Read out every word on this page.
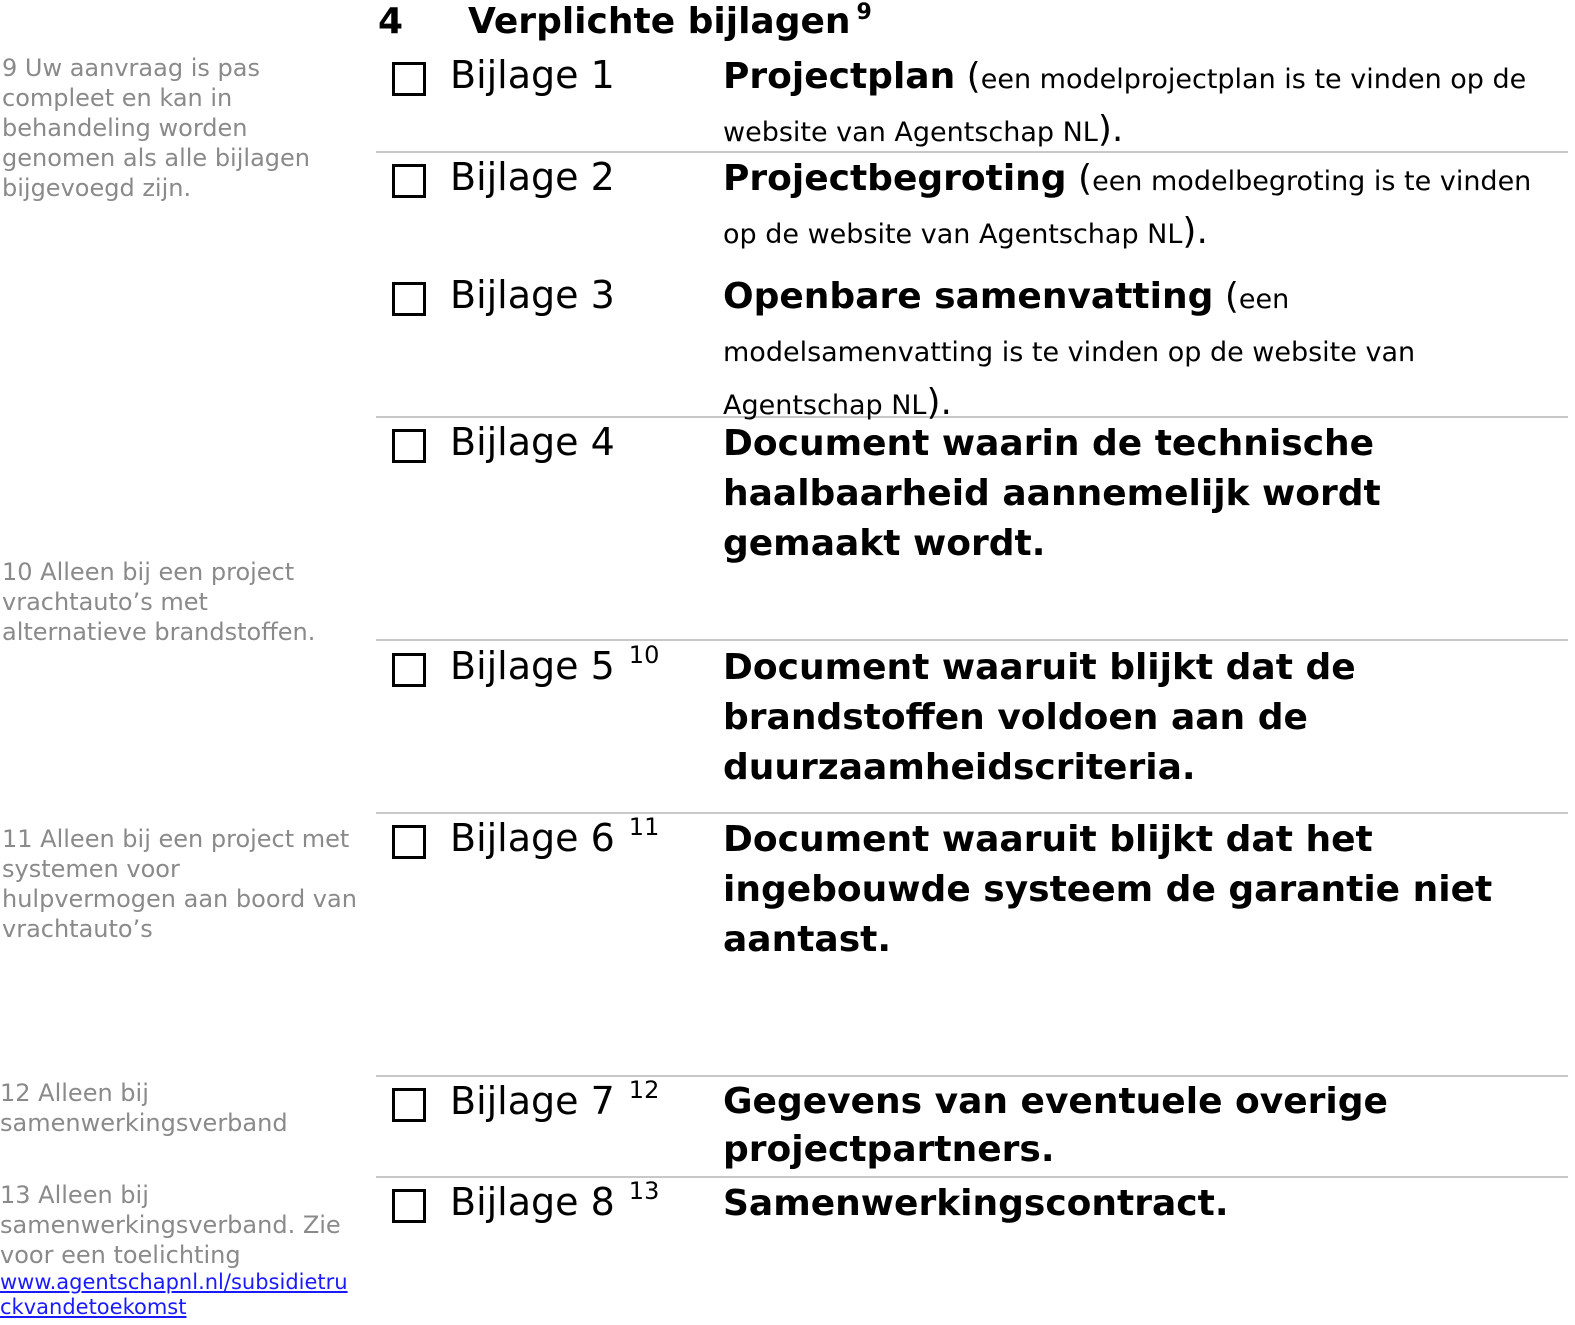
4 Verplichte bijlagen $^9$
9 Uw aanvraag is pas compleet en kan in behandeling worden genomen als alle bijlagen bijgevoegd zijn.
10 Alleen bij een project vrachtauto’s met alternatieve brandstoffen.
11 Alleen bij een project met systemen voor hulpvermogen aan boord van vrachtauto’s
12 Alleen bij samenwerkingsverband
13 Alleen bij samenwerkingsverband. Zie voor een toelichting
www.agentschapnl.nl/subsidietruckvandetoekomst
Bijlage 1	Projectplan (een modelprojectplan is te vinden op de website van Agentschap NL).
Bijlage 2	Projectbegroting (een modelbegroting is te vinden op de website van Agentschap NL).
Bijlage 3	Openbare samenvatting (een modelsamenvatting is te vinden op de website van Agentschap NL).
Bijlage 4	Document waarin de technische haalbaarheid aannemelijk wordt gemaakt wordt.
Bijlage 5 $^{10}$ Document waaruit blijkt dat de brandstoffen voldoen aan de duurzaamheidscriteria.
Bijlage 6 $^{11}$ Document waaruit blijkt dat het ingebouwde systeem de garantie niet aantast.
Bijlage 7 $^{12}$ Gegevens van eventuele overige projectpartners.
Bijlage 8 $^{13}$ Samenwerkingscontract.
